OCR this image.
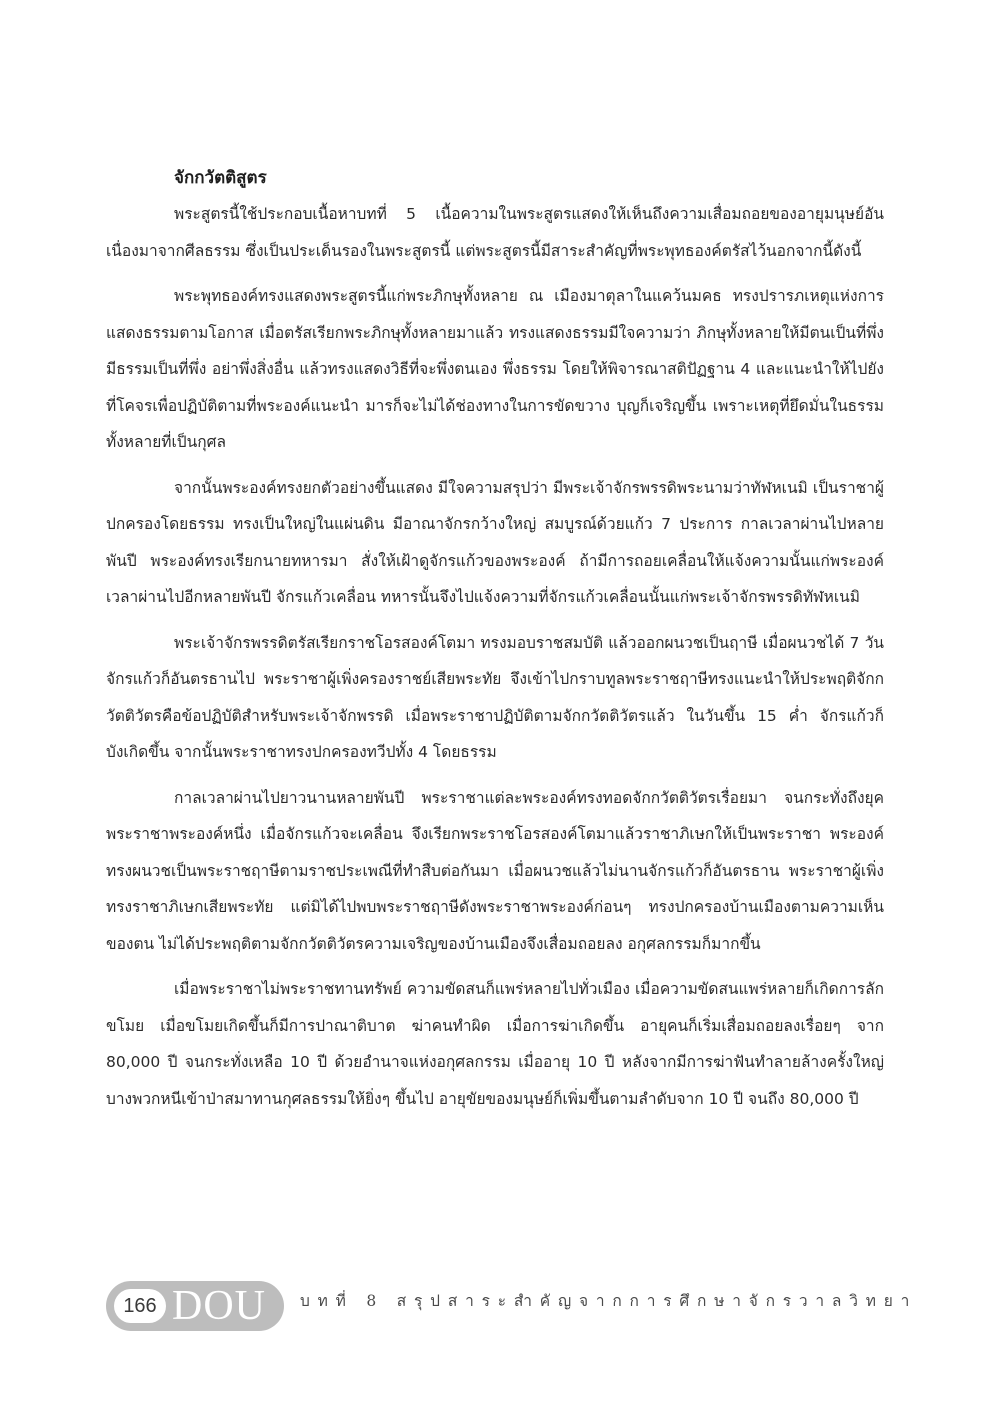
จักกวัตติสูตร

พระสูตรนี้ใช้ประกอบเนื้อหาบทที่ 5 เนื้อความในพระสูตรแสดงให้เห็นถึงความเสื่อมถอยของอายุมนุษย์อันเนื่องมาจากศีลธรรม ซึ่งเป็นประเด็นรองในพระสูตรนี้ แต่พระสูตรนี้มีสาระสำคัญที่พระพุทธองค์ตรัสไว้นอกจากนี้ดังนี้

พระพุทธองค์ทรงแสดงพระสูตรนี้แก่พระภิกษุทั้งหลาย ณ เมืองมาตุลาในแคว้นมคธ ทรงปรารภเหตุแห่งการแสดงธรรมตามโอกาส เมื่อตรัสเรียกพระภิกษุทั้งหลายมาแล้ว ทรงแสดงธรรมมีใจความว่า ภิกษุทั้งหลายให้มีตนเป็นที่พึ่ง มีธรรมเป็นที่พึ่ง อย่าพึ่งสิ่งอื่น แล้วทรงแสดงวิธีที่จะพึ่งตนเอง พึ่งธรรม โดยให้พิจารณาสติปัฏฐาน 4 และแนะนำให้ไปยังที่โคจรเพื่อปฏิบัติตามที่พระองค์แนะนำ มารก็จะไม่ได้ช่องทางในการขัดขวาง บุญก็เจริญขึ้น เพราะเหตุที่ยึดมั่นในธรรมทั้งหลายที่เป็นกุศล

จากนั้นพระองค์ทรงยกตัวอย่างขึ้นแสดง มีใจความสรุปว่า มีพระเจ้าจักรพรรดิพระนามว่าทัฬหเนมิ เป็นราชาผู้ปกครองโดยธรรม ทรงเป็นใหญ่ในแผ่นดิน มีอาณาจักรกว้างใหญ่ สมบูรณ์ด้วยแก้ว 7 ประการ กาลเวลาผ่านไปหลายพันปี พระองค์ทรงเรียกนายทหารมา สั่งให้เฝ้าดูจักรแก้วของพระองค์ ถ้ามีการถอยเคลื่อนให้แจ้งความนั้นแก่พระองค์ เวลาผ่านไปอีกหลายพันปี จักรแก้วเคลื่อน ทหารนั้นจึงไปแจ้งความที่จักรแก้วเคลื่อนนั้นแก่พระเจ้าจักรพรรดิทัฬหเนมิ

พระเจ้าจักรพรรดิตรัสเรียกราชโอรสองค์โตมา ทรงมอบราชสมบัติ แล้วออกผนวชเป็นฤาษี เมื่อผนวชได้ 7 วัน จักรแก้วก็อันตรธานไป พระราชาผู้เพิ่งครองราชย์เสียพระทัย จึงเข้าไปกราบทูลพระราชฤาษีทรงแนะนำให้ประพฤติจักกวัตติวัตรคือข้อปฏิบัติสำหรับพระเจ้าจักพรรดิ เมื่อพระราชาปฏิบัติตามจักกวัตติวัตรแล้ว ในวันขึ้น 15 ค่ำ จักรแก้วก็บังเกิดขึ้น จากนั้นพระราชาทรงปกครองทวีปทั้ง 4 โดยธรรม

กาลเวลาผ่านไปยาวนานหลายพันปี พระราชาแต่ละพระองค์ทรงทอดจักกวัตติวัตรเรื่อยมา จนกระทั่งถึงยุคพระราชาพระองค์หนึ่ง เมื่อจักรแก้วจะเคลื่อน จึงเรียกพระราชโอรสองค์โตมาแล้วราชาภิเษกให้เป็นพระราชา พระองค์ทรงผนวชเป็นพระราชฤาษีตามราชประเพณีที่ทำสืบต่อกันมา เมื่อผนวชแล้วไม่นานจักรแก้วก็อันตรธาน พระราชาผู้เพิ่งทรงราชาภิเษกเสียพระทัย แต่มิได้ไปพบพระราชฤาษีดังพระราชาพระองค์ก่อนๆ ทรงปกครองบ้านเมืองตามความเห็นของตน ไม่ได้ประพฤติตามจักกวัตติวัตรความเจริญของบ้านเมืองจึงเสื่อมถอยลง อกุศลกรรมก็มากขึ้น

เมื่อพระราชาไม่พระราชทานทรัพย์ ความขัดสนก็แพร่หลายไปทั่วเมือง เมื่อความขัดสนแพร่หลายก็เกิดการลักขโมย เมื่อขโมยเกิดขึ้นก็มีการปาณาติบาต ฆ่าคนทำผิด เมื่อการฆ่าเกิดขึ้น อายุคนก็เริ่มเสื่อมถอยลงเรื่อยๆ จาก 80,000 ปี จนกระทั่งเหลือ 10 ปี ด้วยอำนาจแห่งอกุศลกรรม เมื่ออายุ 10 ปี หลังจากมีการฆ่าฟันทำลายล้างครั้งใหญ่ บางพวกหนีเข้าป่าสมาทานกุศลธรรมให้ยิ่งๆ ขึ้นไป อายุขัยของมนุษย์ก็เพิ่มขึ้นตามลำดับจาก 10 ปี จนถึง 80,000 ปี

166 DOU บทที่ 8 สรุปสาระสำคัญจากการศึกษาจักรวาลวิทยา
